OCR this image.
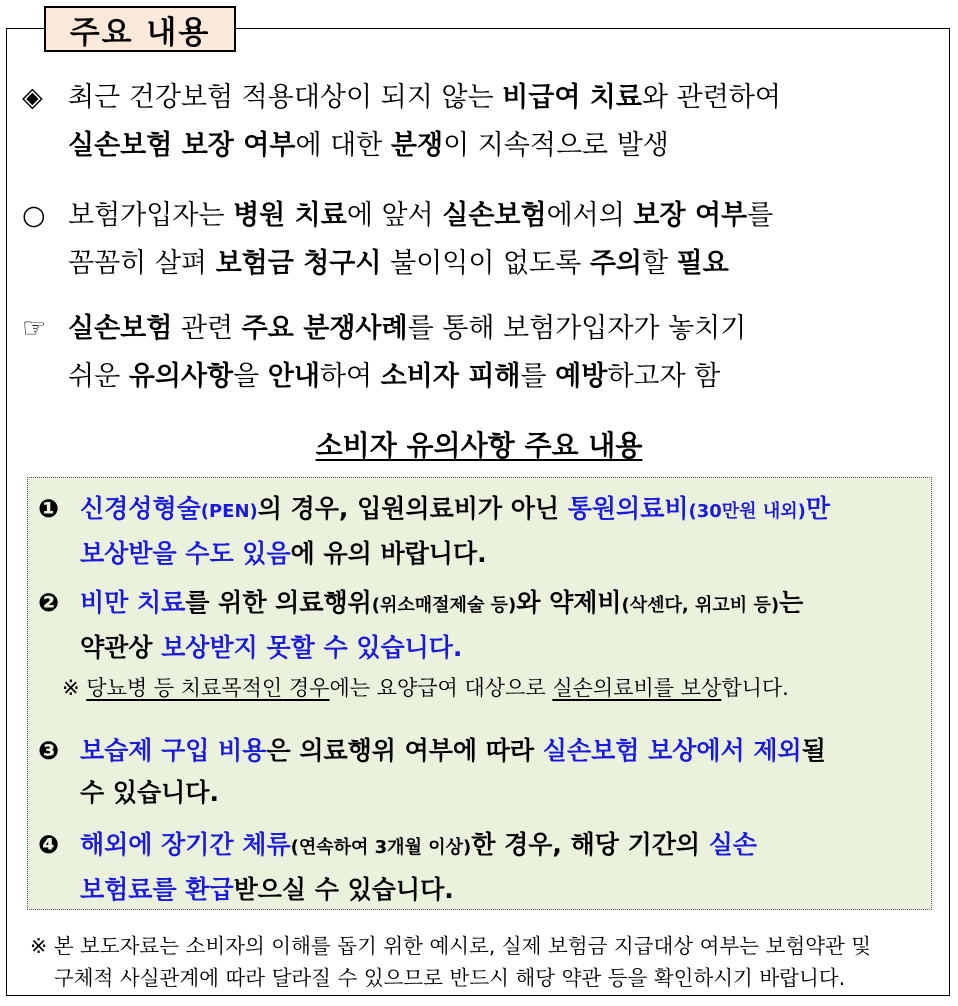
주요 내용
◈ 최근 건강보험 적용대상이 되지 않는 비급여 치료와 관련하여
실손보험 보장 여부에 대한 분쟁이 지속적으로 발생
○ 보험가입자는 병원 치료에 앞서 실손보험에서의 보장 여부를
꼼꼼히 살펴 보험금 청구시 불이익이 없도록 주의할 필요
☞ 실손보험 관련 주요 분쟁사례를 통해 보험가입자가 놓치기
쉬운 유의사항을 안내하여 소비자 피해를 예방하고자 함
소비자 유의사항 주요 내용
❶ 신경성형술(PEN)의 경우, 입원의료비가 아닌 통원의료비(30만원 내외)만
보상받을 수도 있음에 유의 바랍니다.
❷ 비만 치료를 위한 의료행위(위소매절제술 등)와 약제비(삭센다, 위고비 등)는
약관상 보상받지 못할 수 있습니다.
※ 당뇨병 등 치료목적인 경우에는 요양급여 대상으로 실손의료비를 보상합니다.
❸ 보습제 구입 비용은 의료행위 여부에 따라 실손보험 보상에서 제외될
수 있습니다.
❹ 해외에 장기간 체류(연속하여 3개월 이상)한 경우, 해당 기간의 실손
보험료를 환급받으실 수 있습니다.
※ 본 보도자료는 소비자의 이해를 돕기 위한 예시로, 실제 보험금 지급대상 여부는 보험약관 및
구체적 사실관계에 따라 달라질 수 있으므로 반드시 해당 약관 등을 확인하시기 바랍니다.
